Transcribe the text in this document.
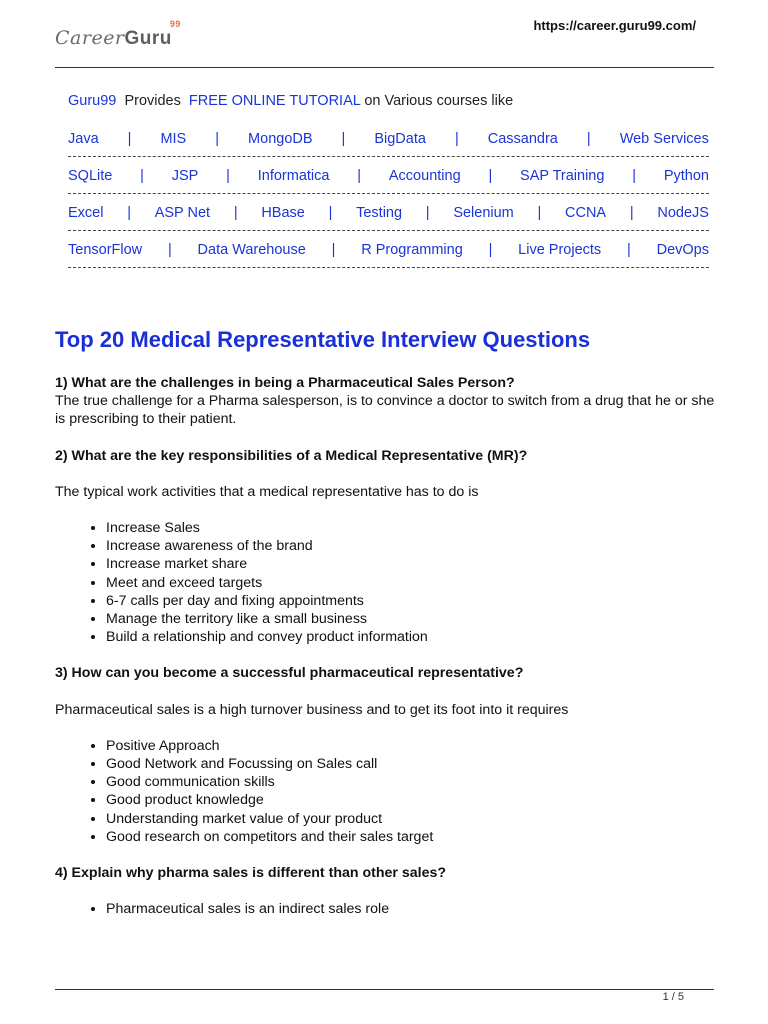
CareerGuru
99	https://career.guru99.com/
Guru99 Provides FREE ONLINE TUTORIAL on Various courses like
Java | MIS | MongoDB | BigData | Cassandra | Web Services
SQLite | JSP | Informatica | Accounting | SAP Training | Python
Excel | ASP Net | HBase | Testing | Selenium | CCNA | NodeJS
TensorFlow | Data Warehouse | R Programming | Live Projects | DevOps
Top 20 Medical Representative Interview Questions

1) What are the challenges in being a Pharmaceutical Sales Person?

The true challenge for a Pharma salesperson, is to convince a doctor to switch from a drug that he or she is prescribing to their patient.

2) What are the key responsibilities of a Medical Representative (MR)?

The typical work activities that a medical representative has to do is

• Increase Sales
• Increase awareness of the brand
• Increase market share
• Meet and exceed targets
• 6-7 calls per day and fixing appointments
• Manage the territory like a small business
• Build a relationship and convey product information

3) How can you become a successful pharmaceutical representative?

Pharmaceutical sales is a high turnover business and to get its foot into it requires

• Positive Approach
• Good Network and Focussing on Sales call
• Good communication skills
• Good product knowledge
• Understanding market value of your product
• Good research on competitors and their sales target

4) Explain why pharma sales is different than other sales?

• Pharmaceutical sales is an indirect sales role
1 / 5
